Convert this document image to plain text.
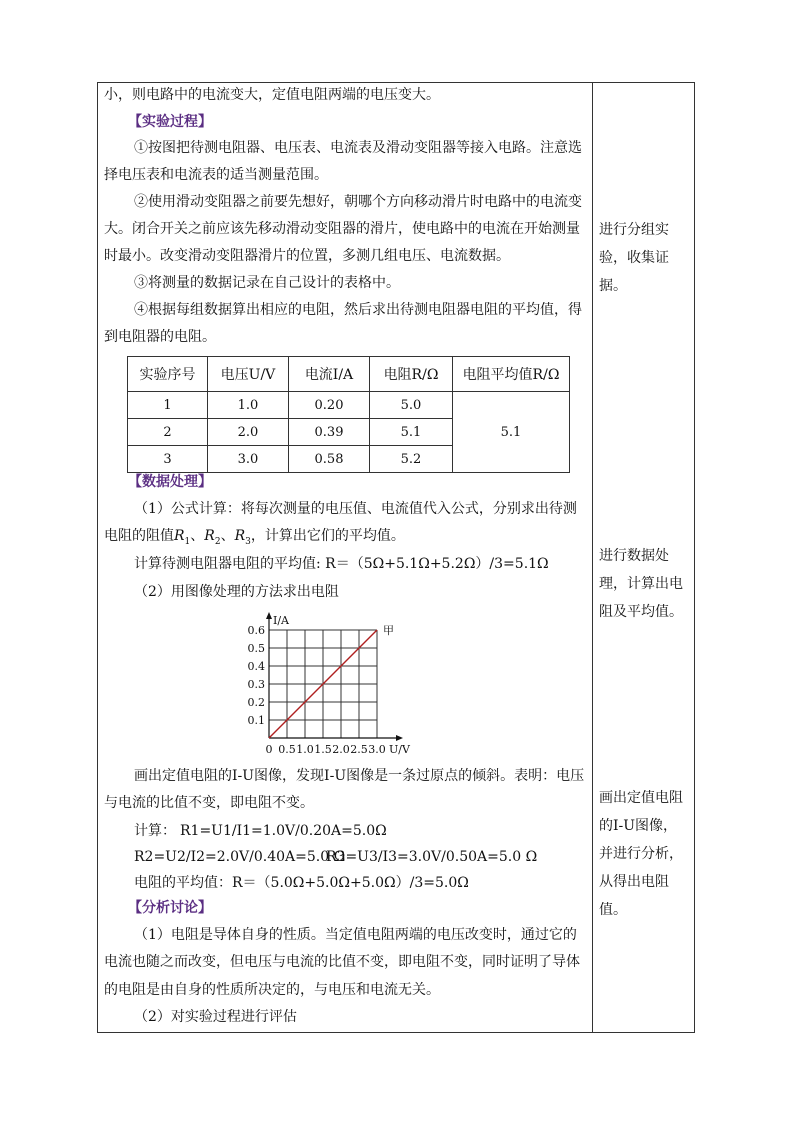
小，则电路中的电流变大，定值电阻两端的电压变大。
【实验过程】
①按图把待测电阻器、电压表、电流表及滑动变阻器等接入电路。注意选
择电压表和电流表的适当测量范围。
②使用滑动变阻器之前要先想好，朝哪个方向移动滑片时电路中的电流变
大。闭合开关之前应该先移动滑动变阻器的滑片，使电路中的电流在开始测量
时最小。改变滑动变阻器滑片的位置，多测几组电压、电流数据。
③将测量的数据记录在自己设计的表格中。
④根据每组数据算出相应的电阻，然后求出待测电阻器电阻的平均值，得
到电阻器的电阻。
实验序号	电压U/V	电流I/A	电阻R/Ω	电阻平均值R/Ω
1	1.0	0.20	5.0	5.1
2	2.0	0.39	5.1	
3	3.0	0.58	5.2	
【数据处理】
（1）公式计算：将每次测量的电压值、电流值代入公式，分别求出待测
电阻的阻值$R_1$、$R_2$、$R_3$，计算出它们的平均值。
计算待测电阻器电阻的平均值: R＝（5Ω+5.1Ω+5.2Ω）/3=5.1Ω
（2）用图像处理的方法求出电阻
U/V
I/A
0 0.5 1.0 1.5 2.0 2.5 3.0
0.1
0.2
0.3
0.4
0.5
0.6	甲
画出定值电阻的I-U图像，发现I-U图像是一条过原点的倾斜。表明：电压
与电流的比值不变，即电阻不变。
计算： R1=U1/I1=1.0V/0.20A=5.0Ω
R2=U2/I2=2.0V/0.40A=5.0 Ω
R3=U3/I3=3.0V/0.50A=5.0 Ω
电阻的平均值：R＝（5.0Ω+5.0Ω+5.0Ω）/3=5.0Ω
【分析讨论】
（1）电阻是导体自身的性质。当定值电阻两端的电压改变时，通过它的
电流也随之而改变，但电压与电流的比值不变，即电阻不变，同时证明了导体
的电阻是由自身的性质所决定的，与电压和电流无关。
（2）对实验过程进行评估
进行分组实
验，收集证
据。
进行数据处
理，计算出电
阻及平均值。
画出定值电阻
的I-U图像，
并进行分析，
从得出电阻
值。
